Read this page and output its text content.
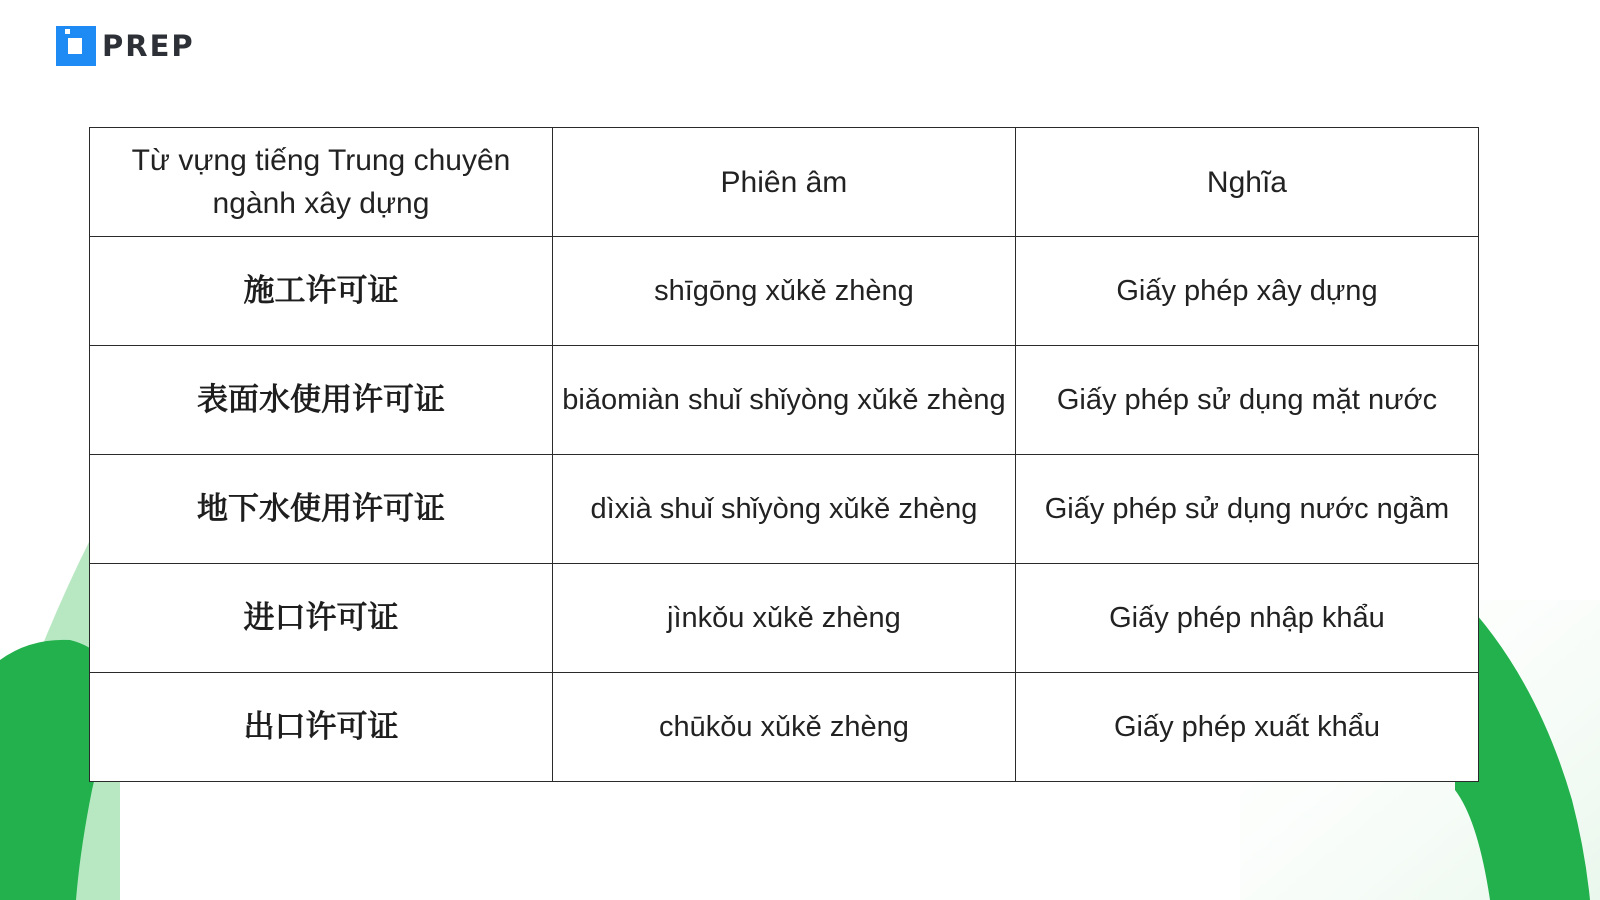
PREP
Từ vựng tiếng Trung chuyên ngành xây dựng	Phiên âm	Nghĩa
施工许可证	shīgōng xǔkě zhèng	Giấy phép xây dựng
表面水使用许可证	biǎomiàn shuǐ shǐyòng xǔkě zhèng	Giấy phép sử dụng mặt nước
地下水使用许可证	dìxià shuǐ shǐyòng xǔkě zhèng	Giấy phép sử dụng nước ngầm
进口许可证	jìnkǒu xǔkě zhèng	Giấy phép nhập khẩu
出口许可证	chūkǒu xǔkě zhèng	Giấy phép xuất khẩu
